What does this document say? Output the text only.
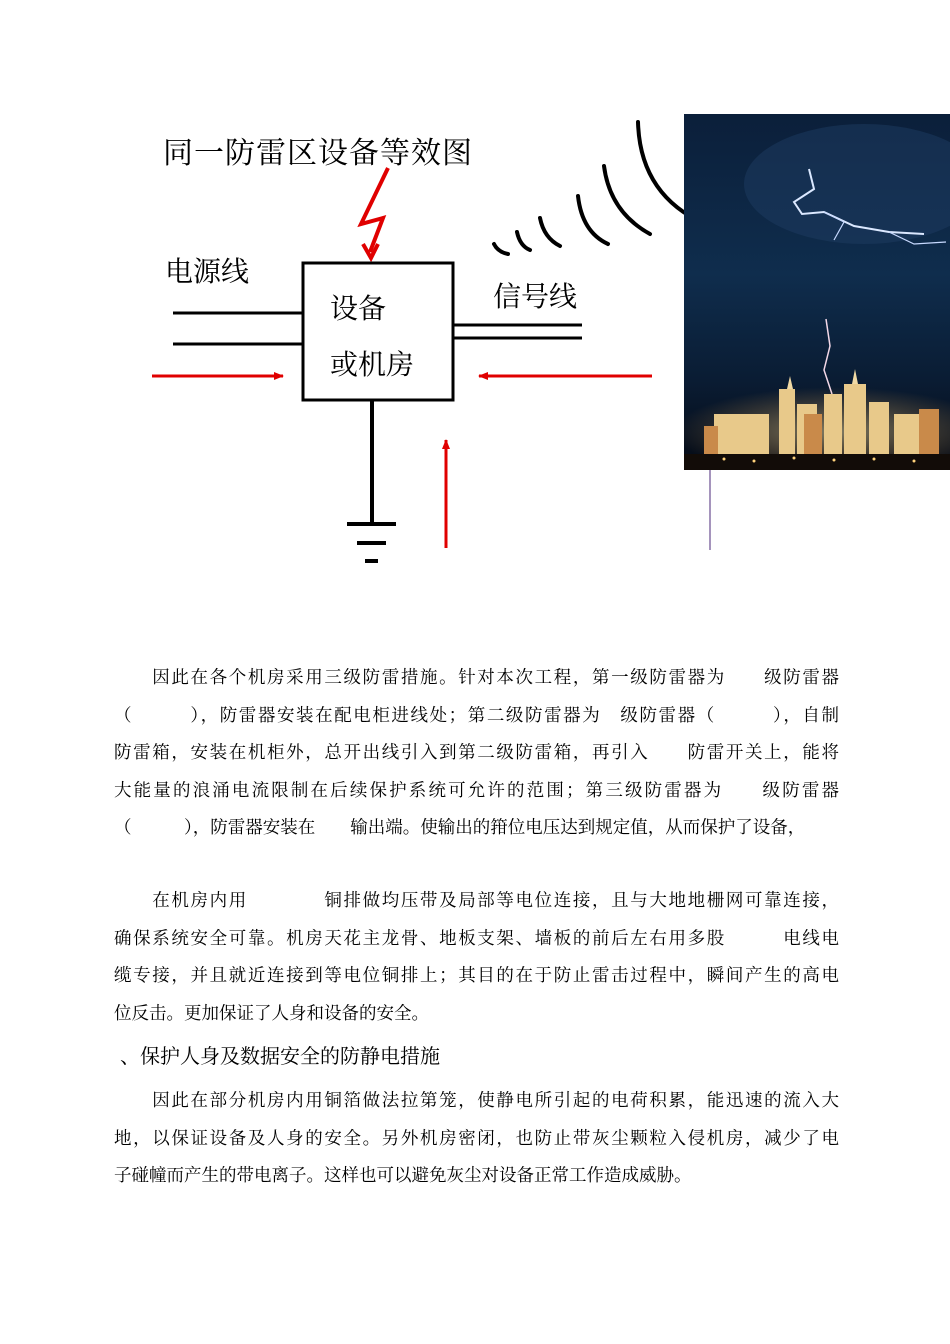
同一防雷区设备等效图
电源线
信号线
设备
或机房
　　因此在各个机房采用三级防雷措施。针对本次工程，第一级防雷器为　　级防雷器
（　　　），防雷器安装在配电柜进线处；第二级防雷器为　级防雷器（　　　），自制
防雷箱，安装在机柜外，总开出线引入到第二级防雷箱，再引入　　防雷开关上，能将
大能量的浪涌电流限制在后续保护系统可允许的范围；第三级防雷器为　　级防雷器
（　　　），防雷器安装在　　输出端。使输出的箝位电压达到规定值，从而保护了设备，
　　在机房内用　　　　铜排做均压带及局部等电位连接，且与大地地栅网可靠连接，
确保系统安全可靠。机房天花主龙骨、地板支架、墙板的前后左右用多股　　　电线电
缆专接，并且就近连接到等电位铜排上；其目的在于防止雷击过程中，瞬间产生的高电
位反击。更加保证了人身和设备的安全。
、保护人身及数据安全的防静电措施
　　因此在部分机房内用铜箔做法拉第笼，使静电所引起的电荷积累，能迅速的流入大
地，以保证设备及人身的安全。另外机房密闭，也防止带灰尘颗粒入侵机房，减少了电
子碰幢而产生的带电离子。这样也可以避免灰尘对设备正常工作造成威胁。
